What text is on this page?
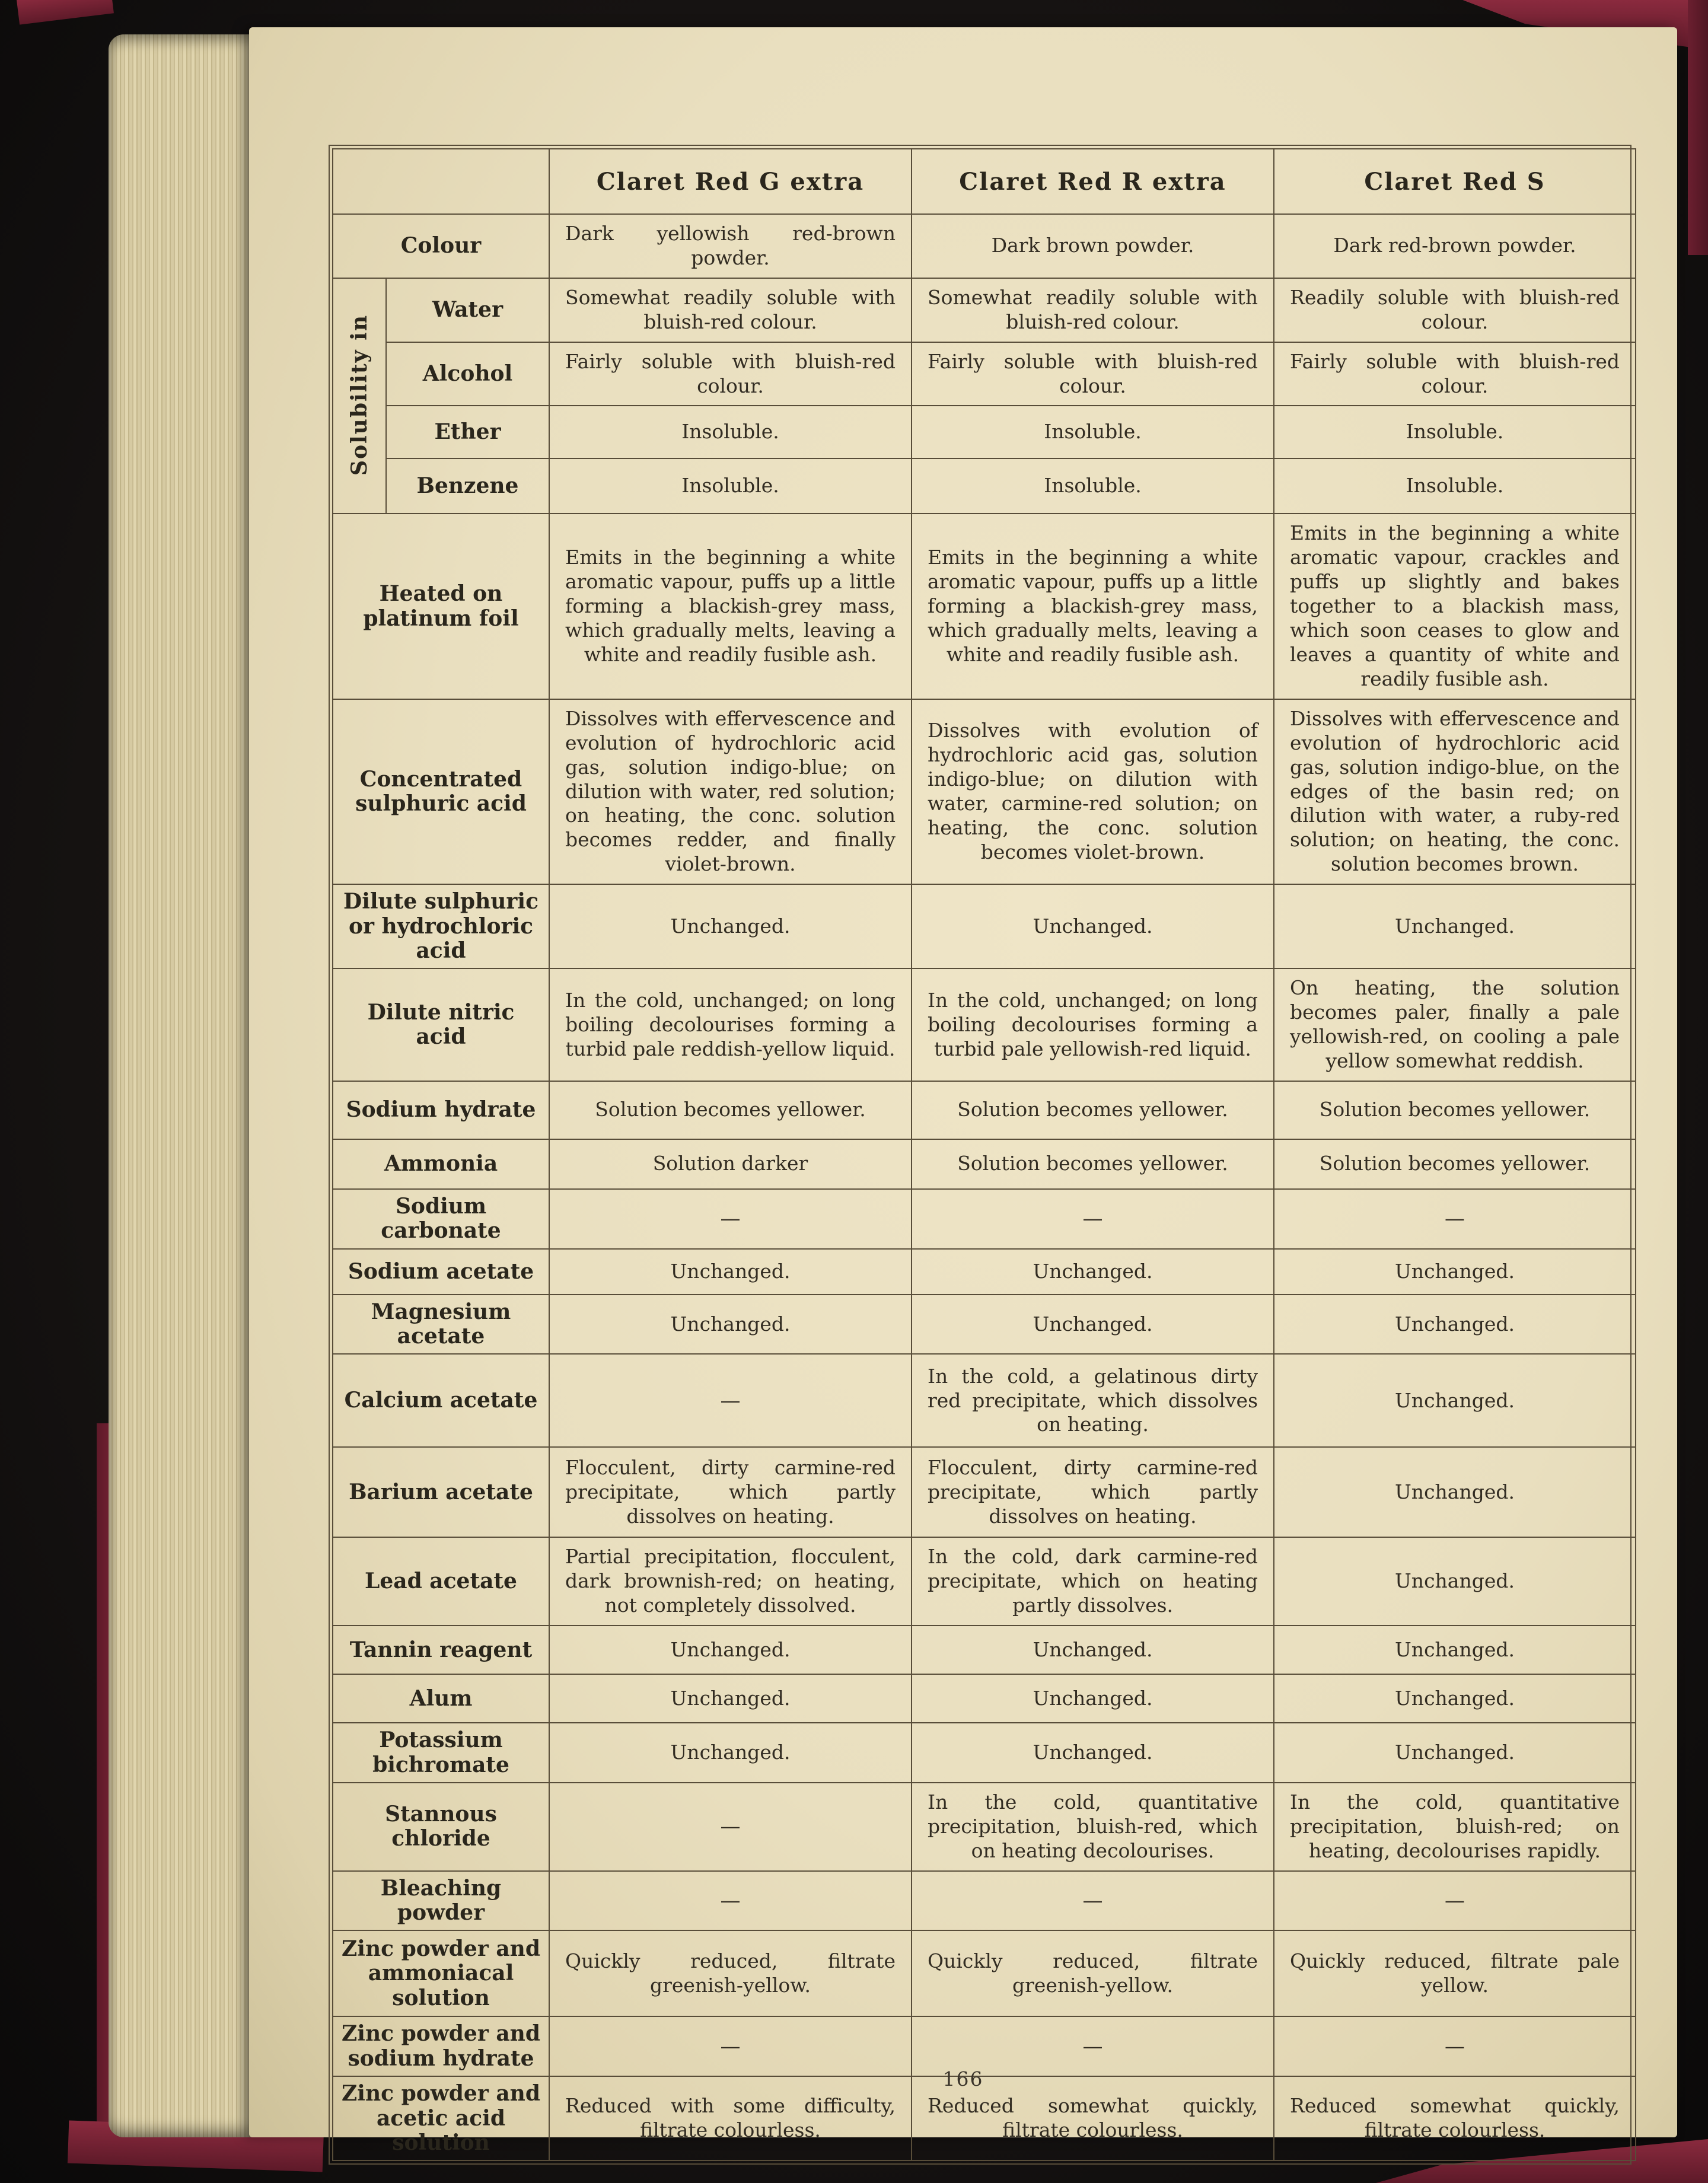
		Claret Red G extra	Claret Red R extra	Claret Red S
Colour		Dark yellowish red-brown powder.	Dark brown powder.	Dark red-brown powder.
Solubility in	Water	Somewhat readily soluble with bluish-red colour.	Somewhat readily soluble with bluish-red colour.	Readily soluble with bluish-red colour.
	Alcohol	Fairly soluble with bluish-red colour.	Fairly soluble with bluish-red colour.	Fairly soluble with bluish-red colour.
	Ether	Insoluble.	Insoluble.	Insoluble.
	Benzene	Insoluble.	Insoluble.	Insoluble.
Heated on platinum foil		Emits in the beginning a white aromatic vapour, puffs up a little forming a blackish-grey mass, which gradually melts, leaving a white and readily fusible ash.	Emits in the beginning a white aromatic vapour, puffs up a little forming a blackish-grey mass, which gradually melts, leaving a white and readily fusible ash.	Emits in the beginning a white aromatic vapour, crackles and puffs up slightly and bakes together to a blackish mass, which soon ceases to glow and leaves a quantity of white and readily fusible ash.
Concentrated sulphuric acid	Dissolves with effervescence and evolution of hydrochloric acid gas, solution indigo-blue; on dilution with water, red solution; on heating, the conc. solution becomes redder, and finally violet-brown.	Dissolves with evolution of hydrochloric acid gas, solution indigo-blue; on dilution with water, carmine-red solution; on heating, the conc. solution becomes violet-brown.	Dissolves with effervescence and evolution of hydrochloric acid gas, solution indigo-blue, on the edges of the basin red; on dilution with water, a ruby-red solution; on heating, the conc. solution becomes brown.
Dilute sulphuric or hydrochloric acid		Unchanged.	Unchanged.	Unchanged.
Dilute nitric acid		In the cold, unchanged; on long boiling decolourises forming a turbid pale reddish-yellow liquid.	In the cold, unchanged; on long boiling decolourises forming a turbid pale yellowish-red liquid.	On heating, the solution becomes paler, finally a pale yellowish-red, on cooling a pale yellow somewhat reddish.
Sodium hydrate		Solution becomes yellower.	Solution becomes yellower.	Solution becomes yellower.
Ammonia		Solution darker	Solution becomes yellower.	Solution becomes yellower.
Sodium carbonate		—	—	—
Sodium acetate		Unchanged.	Unchanged.	Unchanged.
Magnesium acetate		Unchanged.	Unchanged.	Unchanged.
Calcium acetate		—	In the cold, a gelatinous dirty red precipitate, which dissolves on heating.	Unchanged.
Barium acetate		Flocculent, dirty carmine-red precipitate, which partly dissolves on heating.	Flocculent, dirty carmine-red precipitate, which partly dissolves on heating.	Unchanged.
Lead acetate		Partial precipitation, flocculent, dark brownish-red; on heating, not completely dissolved.	In the cold, dark carmine-red precipitate, which on heating partly dissolves.	Unchanged.
Tannin reagent		Unchanged.	Unchanged.	Unchanged.
Alum		Unchanged.	Unchanged.	Unchanged.
Potassium bichromate		Unchanged.	Unchanged.	Unchanged.
Stannous chloride		—	In the cold, quantitative precipitation, bluish-red, which on heating decolourises.	In the cold, quantitative precipitation, bluish-red; on heating, decolourises rapidly.
Bleaching powder		—	—	—
Zinc powder and ammoniacal solution		Quickly reduced, filtrate greenish-yellow.	Quickly reduced, filtrate greenish-yellow.	Quickly reduced, filtrate pale yellow.
Zinc powder and sodium hydrate		—	—	—
Zinc powder and acetic acid solution		Reduced with some difficulty, filtrate colourless.	Reduced somewhat quickly, filtrate colourless.	Reduced somewhat quickly, filtrate colourless.
166
